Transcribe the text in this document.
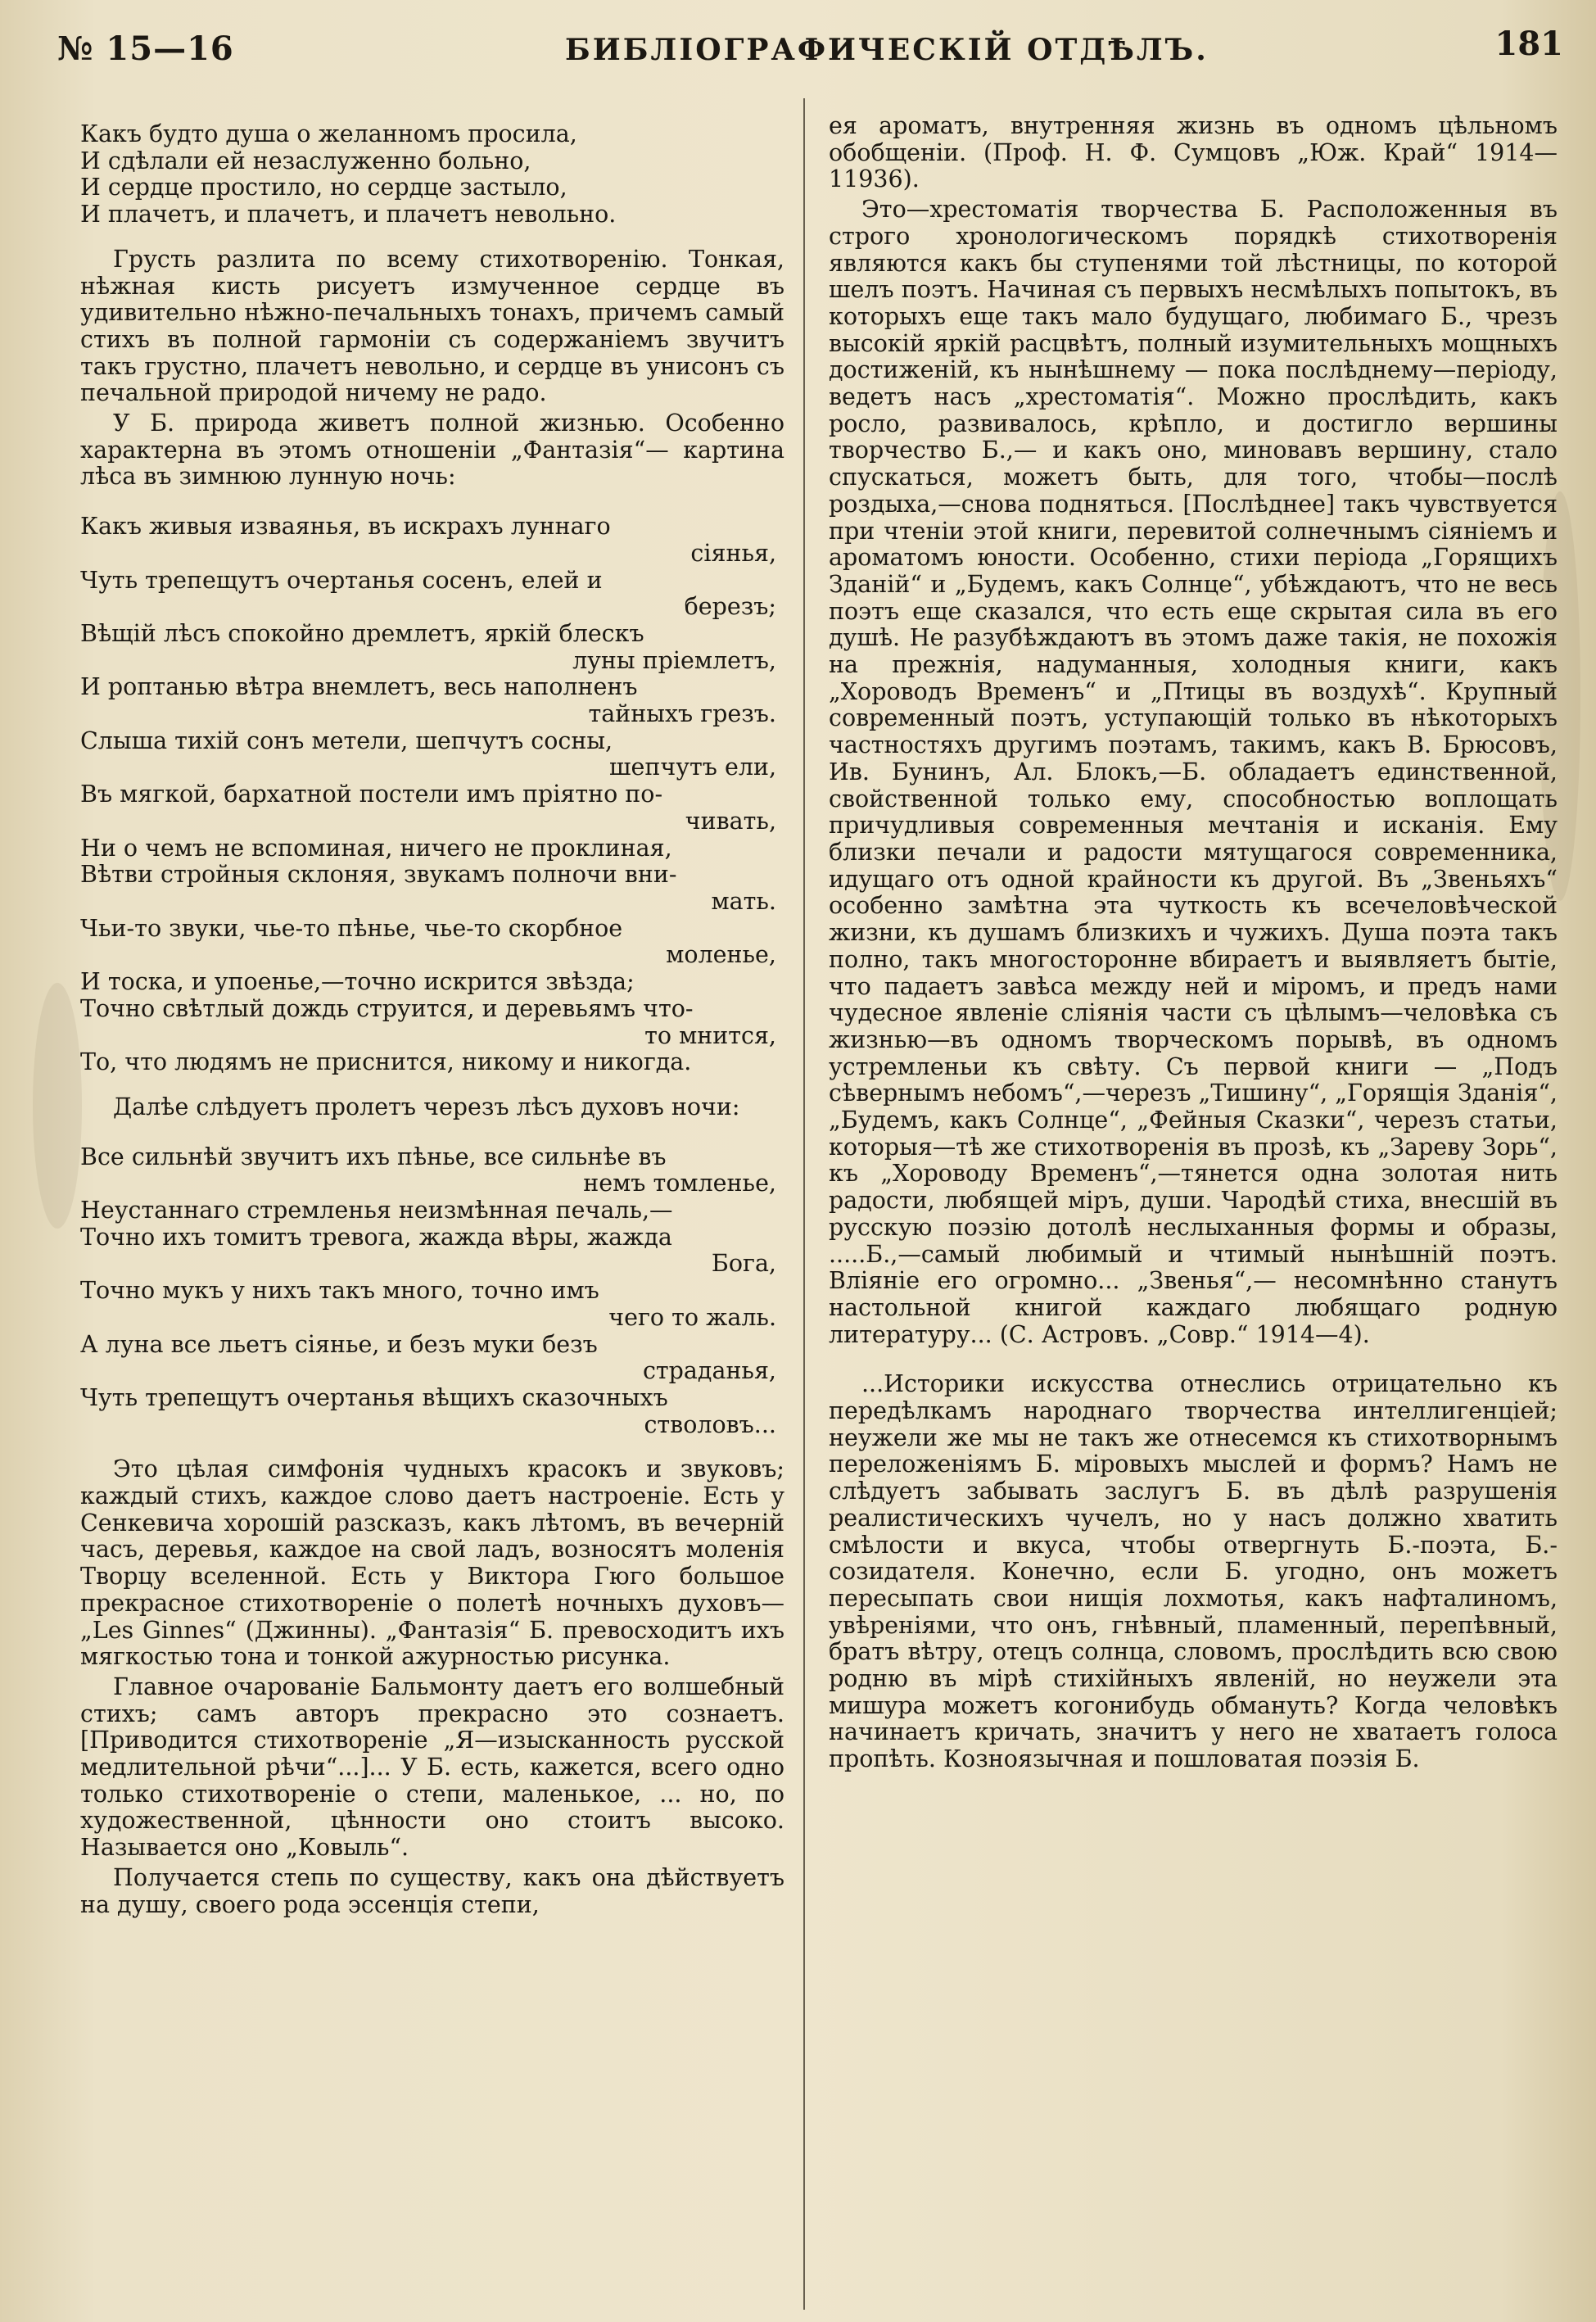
№ 15—16	БИБЛІОГРАФИЧЕСКІЙ ОТДѢЛЪ.	181
Какъ будто душа о желанномъ просила,
И сдѣлали ей незаслуженно больно,
И сердце простило, но сердце застыло,
И плачетъ, и плачетъ, и плачетъ невольно.

Грусть разлита по всему стихотворенію. Тонкая, нѣжная кисть рисуетъ измученное сердце въ удивительно нѣжно-печальныхъ тонахъ, причемъ самый стихъ въ полной гармоніи съ содержаніемъ звучитъ такъ грустно, плачетъ невольно, и сердце въ унисонъ съ печальной природой ничему не радо.

У Б. природа живетъ полной жизнью. Особенно характерна въ этомъ отношеніи „Фантазія“— картина лѣса въ зимнюю лунную ночь:

Какъ живыя изваянья, въ искрахъ луннаго
сіянья,
Чуть трепещутъ очертанья сосенъ, елей и
березъ;
Вѣщій лѣсъ спокойно дремлетъ, яркій блескъ
луны пріемлетъ,
И роптанью вѣтра внемлетъ, весь наполненъ
тайныхъ грезъ.
Слыша тихій сонъ метели, шепчутъ сосны,
шепчутъ ели,
Въ мягкой, бархатной постели имъ пріятно по-
чивать,
Ни о чемъ не вспоминая, ничего не проклиная,
Вѣтви стройныя склоняя, звукамъ полночи вни-
мать.
Чьи-то звуки, чье-то пѣнье, чье-то скорбное
моленье,
И тоска, и упоенье,—точно искрится звѣзда;
Точно свѣтлый дождь струится, и деревьямъ что-
то мнится,
То, что людямъ не приснится, никому и никогда.

Далѣе слѣдуетъ пролетъ черезъ лѣсъ духовъ ночи:

Все сильнѣй звучитъ ихъ пѣнье, все сильнѣе въ
немъ томленье,
Неустаннаго стремленья неизмѣнная печаль,—
Точно ихъ томитъ тревога, жажда вѣры, жажда
Бога,
Точно мукъ у нихъ такъ много, точно имъ
чего то жаль.
А луна все льетъ сіянье, и безъ муки безъ
страданья,
Чуть трепещутъ очертанья вѣщихъ сказочныхъ
стволовъ...

Это цѣлая симфонія чудныхъ красокъ и звуковъ; каждый стихъ, каждое слово даетъ настроеніе. Есть у Сенкевича хорошій разсказъ, какъ лѣтомъ, въ вечерній часъ, деревья, каждое на свой ладъ, возносятъ моленія Творцу вселенной. Есть у Виктора Гюго большое прекрасное стихотвореніе о полетѣ ночныхъ духовъ—„Les Ginnes“ (Джинны). „Фантазія“ Б. превосходитъ ихъ мягкостью тона и тонкой ажурностью рисунка.

Главное очарованіе Бальмонту даетъ его волшебный стихъ; самъ авторъ прекрасно это сознаетъ. [Приводится стихотвореніе „Я—изысканность русской медлительной рѣчи“...]... У Б. есть, кажется, всего одно только стихотвореніе о степи, маленькое, ... но, по художественной, цѣнности оно стоитъ высоко. Называется оно „Ковыль“.

Получается степь по существу, какъ она дѣйствуетъ на душу, своего рода эссенція степи,

ея ароматъ, внутренняя жизнь въ одномъ цѣльномъ обобщеніи. (Проф. Н. Ф. Сумцовъ „Юж. Край“ 1914—11936).

Это—хрестоматія творчества Б. Расположенныя въ строго хронологическомъ порядкѣ стихотворенія являются какъ бы ступенями той лѣстницы, по которой шелъ поэтъ. Начиная съ первыхъ несмѣлыхъ попытокъ, въ которыхъ еще такъ мало будущаго, любимаго Б., чрезъ высокій яркій расцвѣтъ, полный изумительныхъ мощныхъ достиженій, къ нынѣшнему — пока послѣднему—періоду, ведетъ насъ „хрестоматія“. Можно прослѣдить, какъ росло, развивалось, крѣпло, и достигло вершины творчество Б.,— и какъ оно, миновавъ вершину, стало спускаться, можетъ быть, для того, чтобы—послѣ роздыха,—снова подняться. [Послѣднее] такъ чувствуется при чтеніи этой книги, перевитой солнечнымъ сіяніемъ и ароматомъ юности. Особенно, стихи періода „Горящихъ Зданій“ и „Будемъ, какъ Солнце“, убѣждаютъ, что не весь поэтъ еще сказался, что есть еще скрытая сила въ его душѣ. Не разубѣждаютъ въ этомъ даже такія, не похожія на прежнія, надуманныя, холодныя книги, какъ „Хороводъ Временъ“ и „Птицы въ воздухѣ“. Крупный современный поэтъ, уступающій только въ нѣкоторыхъ частностяхъ другимъ поэтамъ, такимъ, какъ В. Брюсовъ, Ив. Бунинъ, Ал. Блокъ,—Б. обладаетъ единственной, свойственной только ему, способностью воплощать причудливыя современныя мечтанія и исканія. Ему близки печали и радости мятущагося современника, идущаго отъ одной крайности къ другой. Въ „Звеньяхъ“ особенно замѣтна эта чуткость къ всечеловѣческой жизни, къ душамъ близкихъ и чужихъ. Душа поэта такъ полно, такъ многосторонне вбираетъ и выявляетъ бытіе, что падаетъ завѣса между ней и міромъ, и предъ нами чудесное явленіе слiянія части съ цѣлымъ—человѣка съ жизнью—въ одномъ творческомъ порывѣ, въ одномъ устремленьи къ свѣту. Съ первой книги — „Подъ сѣвернымъ небомъ“,—черезъ „Тишину“, „Горящія Зданія“, „Будемъ, какъ Солнце“, „Фейныя Сказки“, черезъ статьи, которыя—тѣ же стихотворенія въ прозѣ, къ „Зареву Зорь“, къ „Хороводу Временъ“,—тянется одна золотая нить радости, любящей міръ, души. Чародѣй стиха, внесшій въ русскую поэзію дотолѣ неслыханныя формы и образы, .....Б.,—самый любимый и чтимый нынѣшній поэтъ. Вліяніе его огромно... „Звенья“,— несомнѣнно станутъ настольной книгой каждаго любящаго родную литературу... (С. Астровъ. „Совр.“ 1914—4).

...Историки искусства отнеслись отрицательно къ передѣлкамъ народнаго творчества интеллигенціей; неужели же мы не такъ же отнесемся къ стихотворнымъ переложеніямъ Б. міровыхъ мыслей и формъ? Намъ не слѣдуетъ забывать заслугъ Б. въ дѣлѣ разрушенія реалистическихъ чучелъ, но у насъ должно хватить смѣлости и вкуса, чтобы отвергнуть Б.-поэта, Б.-созидателя. Конечно, если Б. угодно, онъ можетъ пересыпать свои нищія лохмотья, какъ нафталиномъ, увѣреніями, что онъ, гнѣвный, пламенный, перепѣвный, братъ вѣтру, отецъ солнца, словомъ, прослѣдить всю свою родню въ мірѣ стихійныхъ явленій, но неужели эта мишура можетъ когонибудь обмануть? Когда человѣкъ начинаетъ кричать, значитъ у него не хватаетъ голоса пропѣть. Козноязычная и пошловатая поэзія Б.
